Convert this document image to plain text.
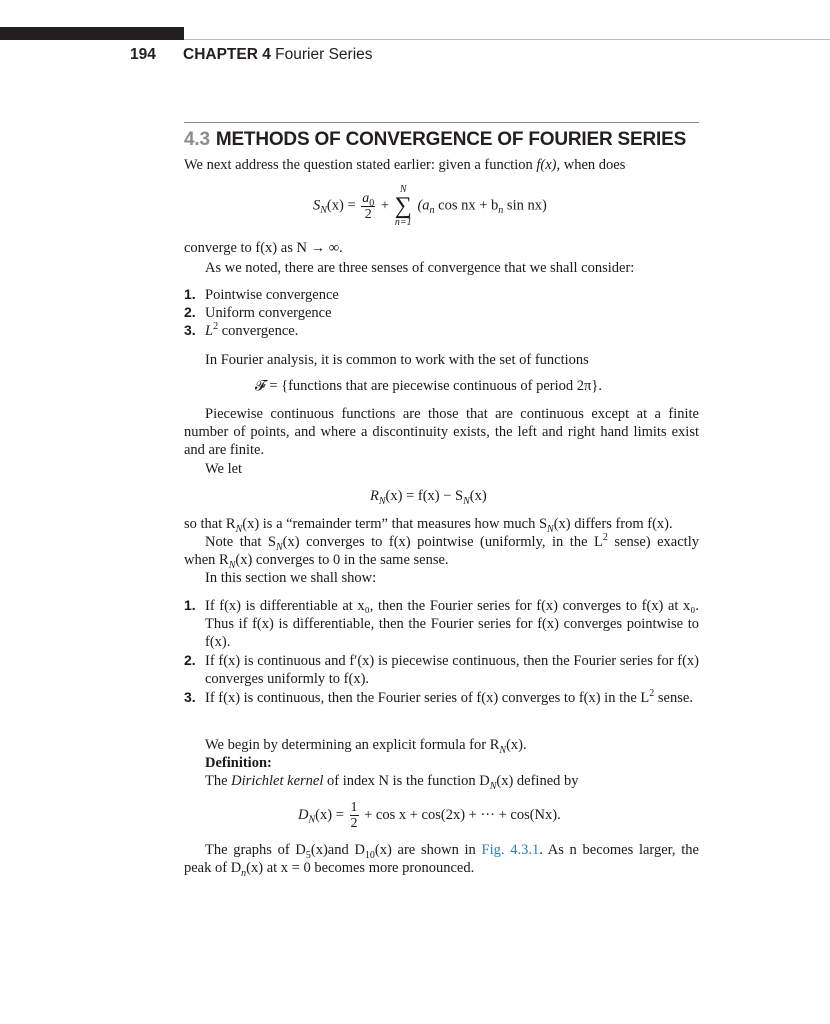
194 CHAPTER 4 Fourier Series
4.3 METHODS OF CONVERGENCE OF FOURIER SERIES
We next address the question stated earlier: given a function f(x), when does
$S_N(x) = \frac{a_0}{2}$ +
N
∑
n=1
($a_n$ cos nx + $b_n$ sin nx)
converge to f(x) as N → ∞.
As we noted, there are three senses of convergence that we shall consider:
1. Pointwise convergence
2. Uniform convergence
3. $L^2$ convergence.
In Fourier analysis, it is common to work with the set of functions
𝓕 = {functions that are piecewise continuous of period 2π}.
Piecewise continuous functions are those that are continuous except at a finite number of points, and where a discontinuity exists, the left and right hand limits exist and are finite.
We let
$R_N(x) = f(x) - S_N(x)$
so that $R_N(x)$ is a “remainder term” that measures how much $S_N(x)$ differs from f(x).
Note that $S_N(x)$ converges to f(x) pointwise (uniformly, in the $L^2$ sense) exactly when $R_N(x)$ converges to 0 in the same sense.
In this section we shall show:
1. If f(x) is differentiable at x₀, then the Fourier series for f(x) converges to f(x) at x₀. Thus if f(x) is differentiable, then the Fourier series for f(x) converges pointwise to f(x).
2. If f(x) is continuous and f′(x) is piecewise continuous, then the Fourier series for f(x) converges uniformly to f(x).
3. If f(x) is continuous, then the Fourier series of f(x) converges to f(x) in the $L^2$ sense.
We begin by determining an explicit formula for $R_N(x)$.
Definition:
The Dirichlet kernel of index N is the function $D_N(x)$ defined by
$D_N(x) = \frac{1}{2} + \cos x + \cos(2x)$ + ··· + cos(Nx).
The graphs of $D_5(x)and$ $D_{10}(x)$ are shown in Fig. 4.3.1. As n becomes larger, the peak of $D_n(x)$ at x = 0 becomes more pronounced.
